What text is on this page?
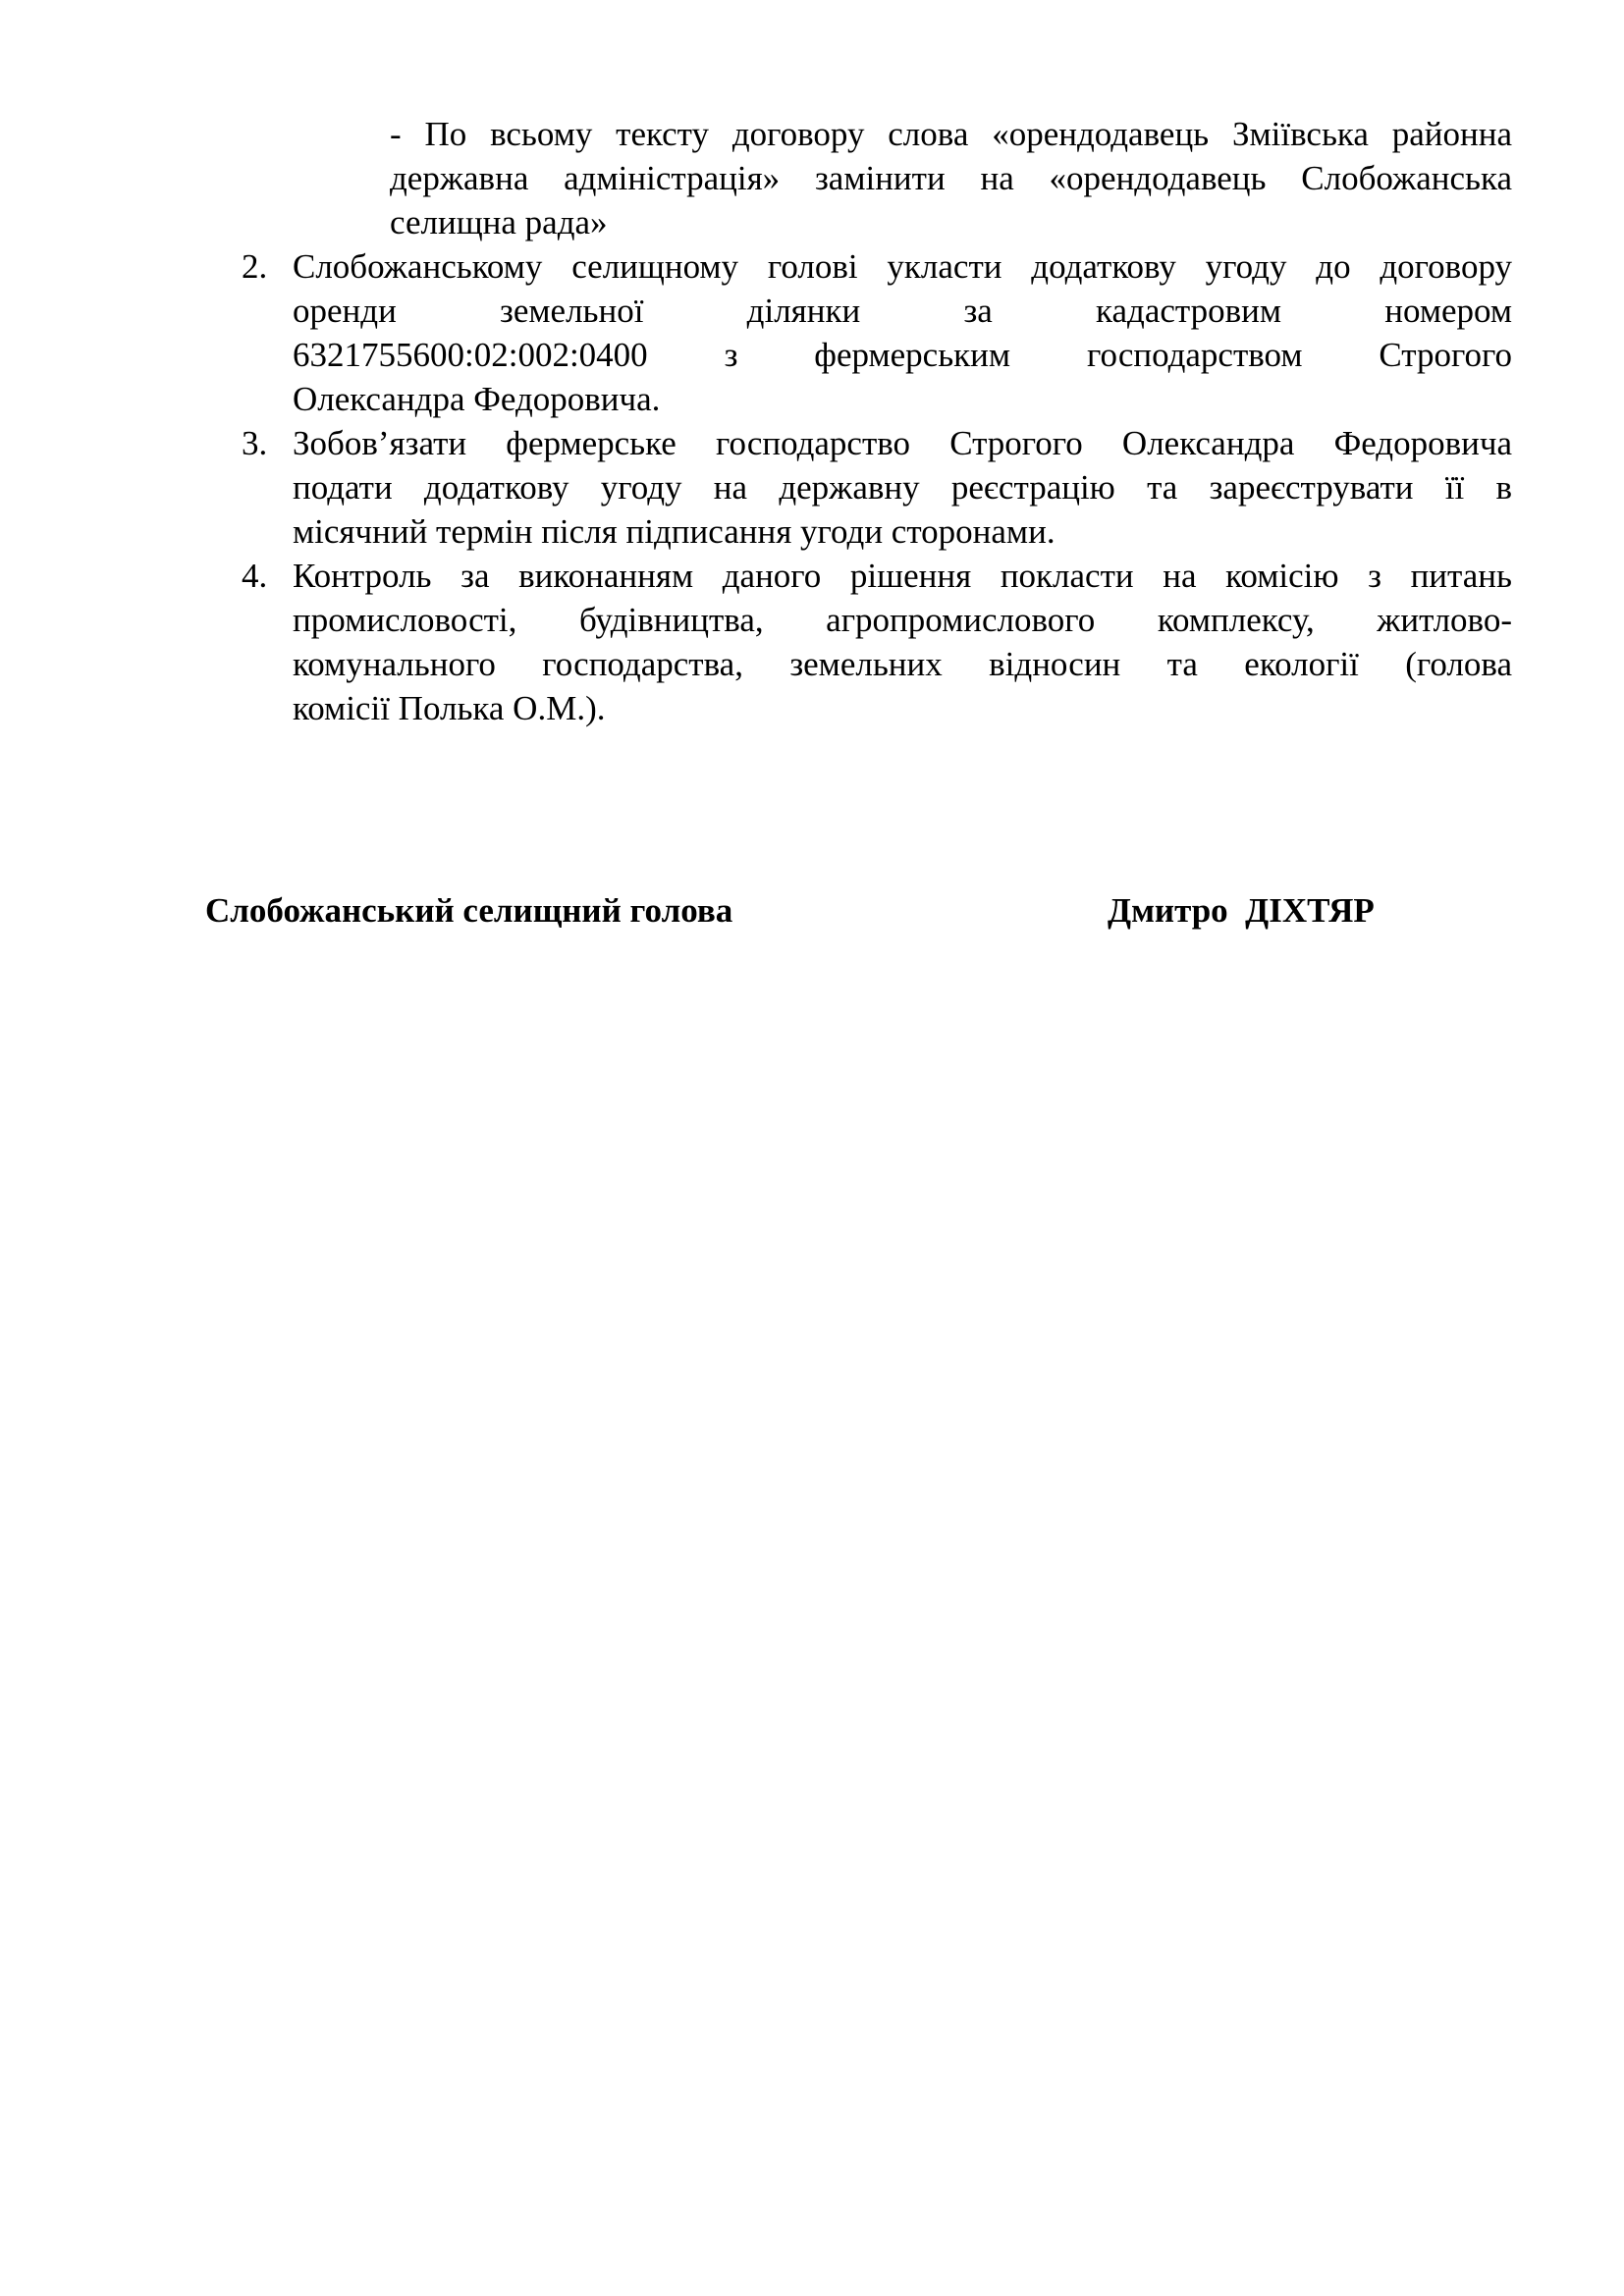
- По всьому тексту договору слова «орендодавець Зміївська районна
державна адміністрація» замінити на «орендодавець Слобожанська
селищна рада»
2. Слобожанському селищному голові укласти додаткову угоду до договору
оренди земельної ділянки за кадастровим номером
6321755600:02:002:0400 з фермерським господарством Строгого
Олександра Федоровича.
3. Зобов’язати фермерське господарство Строгого Олександра Федоровича
подати додаткову угоду на державну реєстрацію та зареєструвати її в
місячний термін після підписання угоди сторонами.
4. Контроль за виконанням даного рішення покласти на комісію з питань
промисловості, будівництва, агропромислового комплексу, житлово-
комунального господарства, земельних відносин та екології (голова
комісії Полька О.М.).
Слобожанський селищний голова	Дмитро  ДІХТЯР
